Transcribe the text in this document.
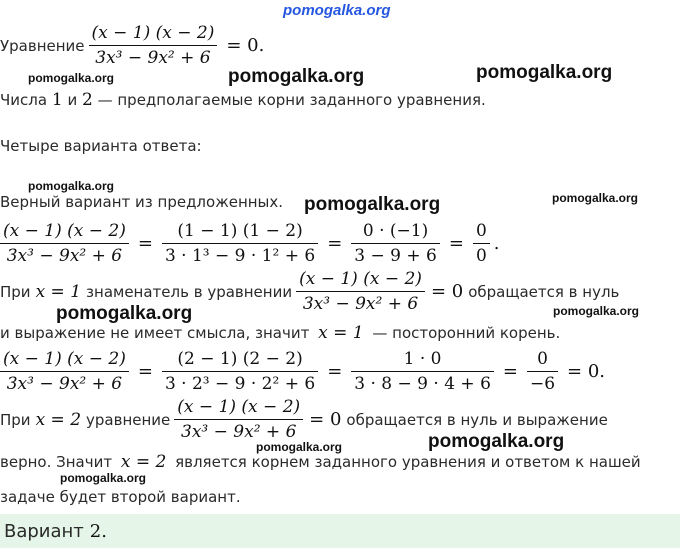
pomogalka.org
pomogalka.org	pomogalka.org	pomogalka.org
pomogalka.org
pomogalka.org	pomogalka.org
pomogalka.org	pomogalka.org
pomogalka.org	pomogalka.org
pomogalka.org
Уравнение $\frac{(x - 1) (x - 2)}{\text{3x³ − 9x² + 6}} = 0$.
Числа 1 и 2 — предполагаемые корни заданного уравнения.
Четыре варианта ответа:
Верный вариант из предложенных.
$\frac{(x - 1) (x - 2)}{\text{3x³ − 9x² + 6}} = \frac{(1 - 1) (1 - 2)}{\text{3 · 1³ − 9 · 1² + 6}} = \frac{0 \cdot (-1)}{3 - 9 + 6} = \frac{0}{0}$ .
При x = 1 знаменатель в уравнении $\frac{(x - 1) (x - 2)}{\text{3x³ − 9x² + 6}} = 0$ обращается в нуль
и выражение не имеет смысла, значит x = 1 — посторонний корень.
$\frac{(x - 1) (x - 2)}{\text{3x³ − 9x² + 6}} = \frac{(2 - 1) (2 - 2)}{\text{3 · 2³ − 9 · 2² + 6}} = \frac{1 \cdot 0}{3 \cdot 8 - 9 \cdot 4 + 6} = \frac{0}{-6} = 0$.
При x = 2 уравнение $\frac{(x - 1) (x - 2)}{\text{3x³ − 9x² + 6}} = 0$ обращается в нуль и выражение
верно. Значит x = 2 является корнем заданного уравнения и ответом к нашей
задаче будет второй вариант.
Вариант 2.
